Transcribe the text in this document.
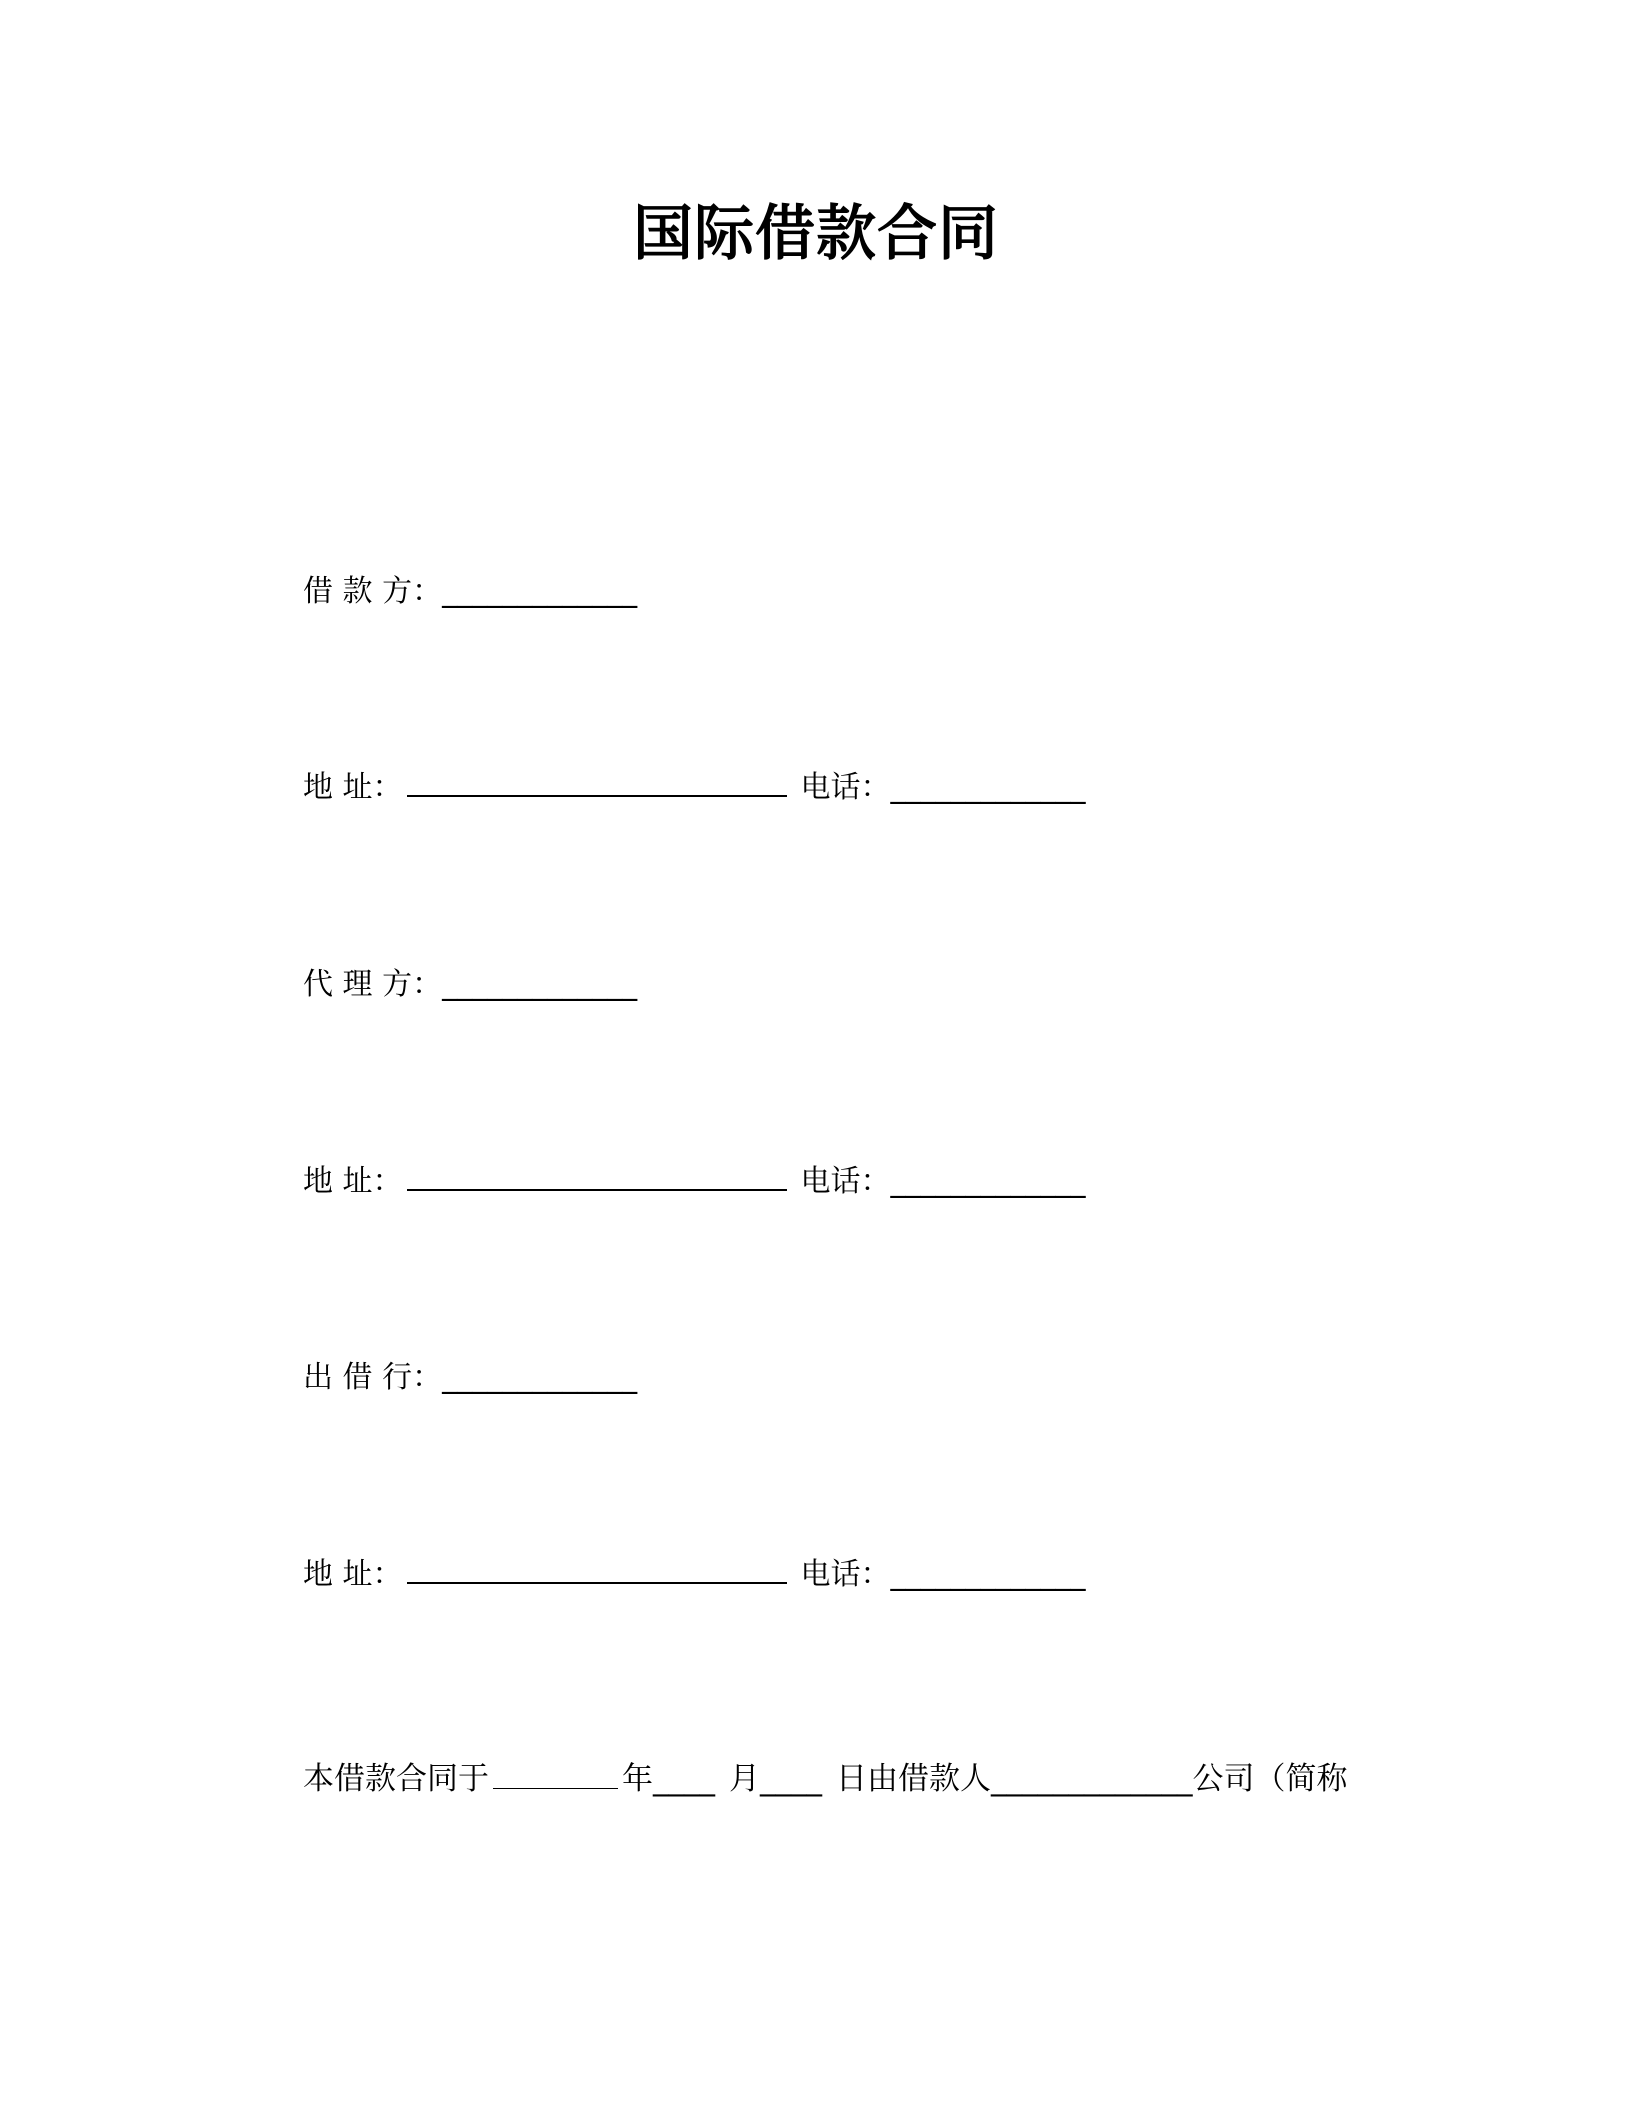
国际借款合同
借 款 方：_____________
地 址：	电话：_____________
代 理 方：_____________
地 址：	电话：_____________
出 借 行：_____________
地 址：	电话：_____________
本借款合同于	年____ 月____ 日由借款人_____________公司（简称
